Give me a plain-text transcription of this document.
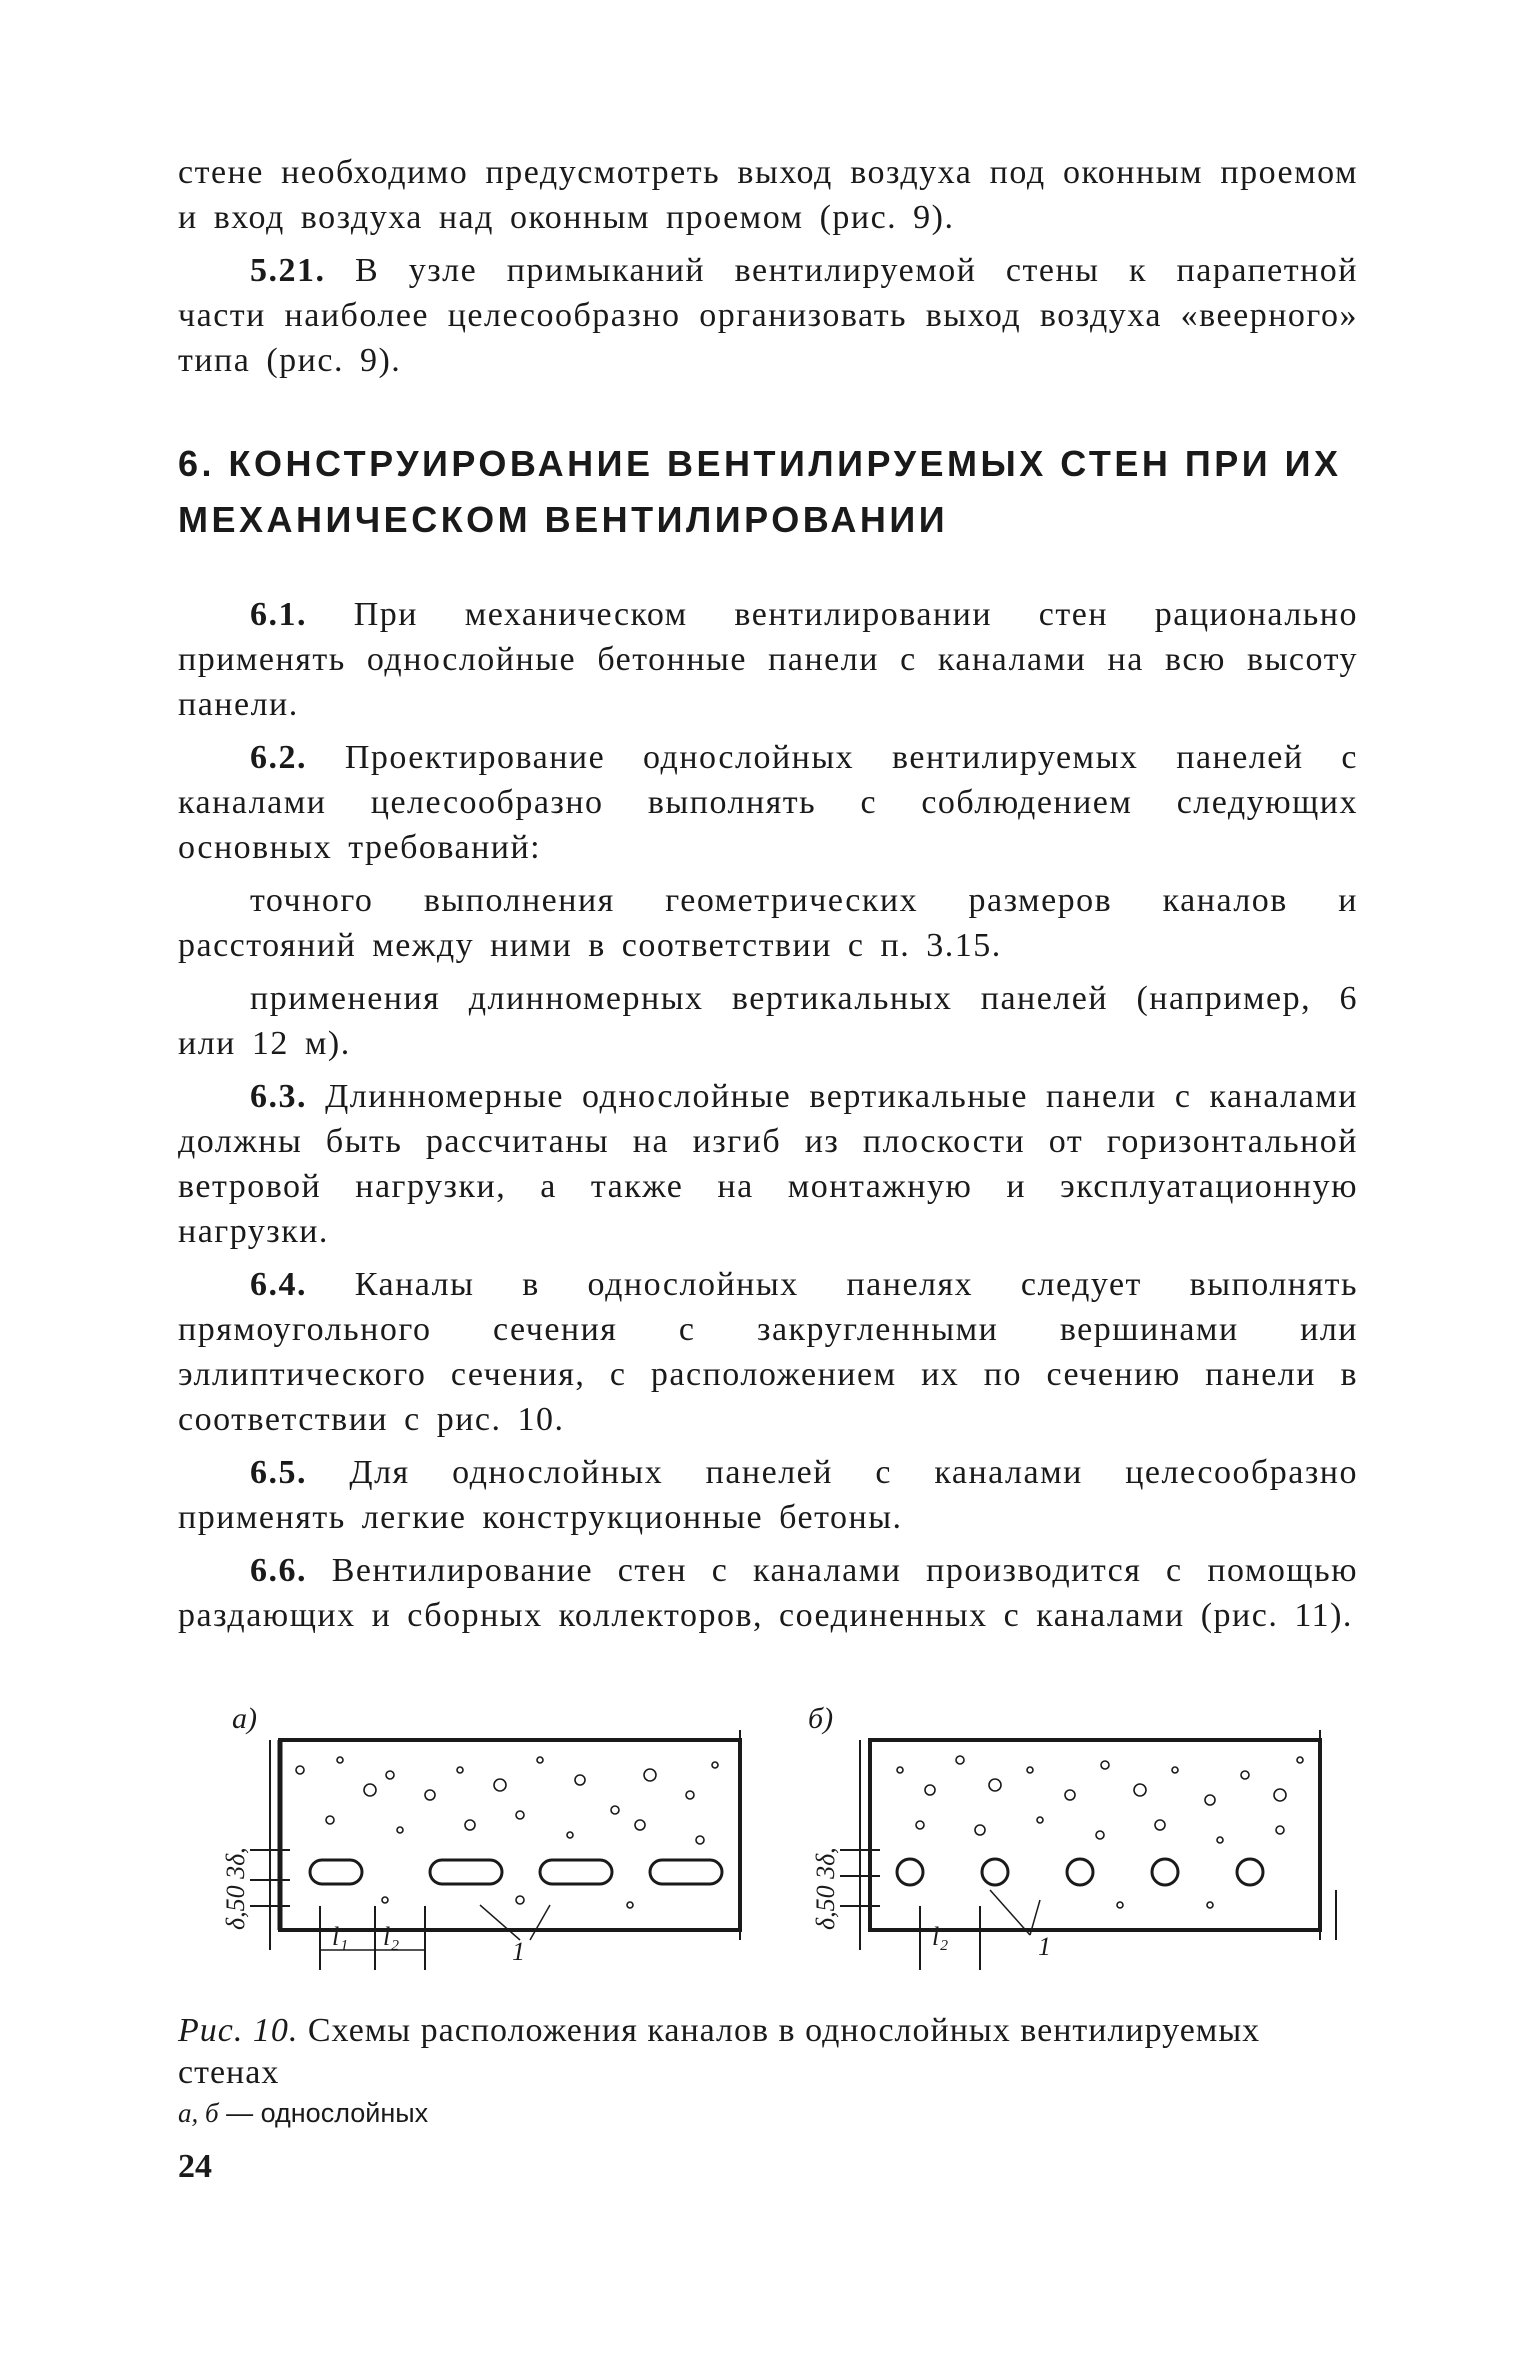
стене необходимо предусмотреть выход воздуха под оконным проемом и вход воздуха над оконным проемом (рис. 9).

5.21. В узле примыканий вентилируемой стены к парапетной части наиболее целесообразно организовать выход воздуха «веерного» типа (рис. 9).

6. КОНСТРУИРОВАНИЕ ВЕНТИЛИРУЕМЫХ СТЕН ПРИ ИХ МЕХАНИЧЕСКОМ ВЕНТИЛИРОВАНИИ

6.1. При механическом вентилировании стен рационально применять однослойные бетонные панели с каналами на всю высоту панели.

6.2. Проектирование однослойных вентилируемых панелей с каналами целесообразно выполнять с соблюдением следующих основных требований:

точного выполнения геометрических размеров каналов и расстояний между ними в соответствии с п. 3.15.

применения длинномерных вертикальных панелей (например, 6 или 12 м).

6.3. Длинномерные однослойные вертикальные панели с каналами должны быть рассчитаны на изгиб из плоскости от горизонтальной ветровой нагрузки, а также на монтажную и эксплуатационную нагрузки.

6.4. Каналы в однослойных панелях следует выполнять прямоугольного сечения с закругленными вершинами или эллиптического сечения, с расположением их по сечению панели в соответствии с рис. 10.

6.5. Для однослойных панелей с каналами целесообразно применять легкие конструкционные бетоны.

6.6. Вентилирование стен с каналами производится с помощью раздающих и сборных коллекторов, соединенных с каналами (рис. 11).

а)	б)
δ,50 3δ,
l₁ l₂
1
δ,50 3δ,
l₂	1

Рис. 10. Схемы расположения каналов в однослойных вентилируемых стенах

а, б — однослойных

24
